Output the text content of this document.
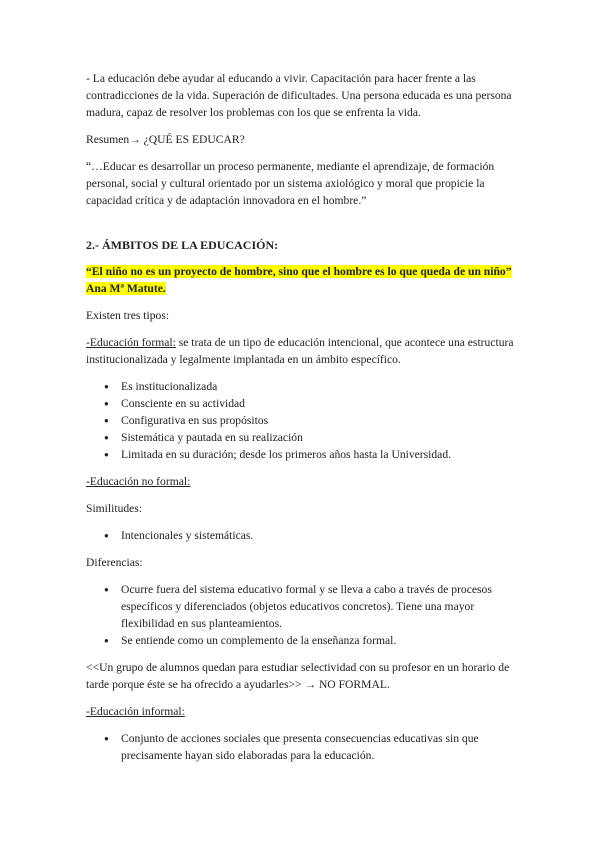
- La educación debe ayudar al educando a vivir. Capacitación para hacer frente a las contradicciones de la vida. Superación de dificultades. Una persona educada es una persona madura, capaz de resolver los problemas con los que se enfrenta la vida.

Resumen→ ¿QUÉ ES EDUCAR?

“…Educar es desarrollar un proceso permanente, mediante el aprendizaje, de formación personal, social y cultural orientado por un sistema axiológico y moral que propicie la capacidad crítica y de adaptación innovadora en el hombre.”

2.- ÁMBITOS DE LA EDUCACIÓN:

“El niño no es un proyecto de hombre, sino que el hombre es lo que queda de un niño” Ana Mª Matute.

Existen tres tipos:

-Educación formal: se trata de un tipo de educación intencional, que acontece una estructura institucionalizada y legalmente implantada en un ámbito específico.

● Es institucionalizada
● Consciente en su actividad
● Configurativa en sus propósitos
● Sistemática y pautada en su realización
● Limitada en su duración; desde los primeros años hasta la Universidad.

-Educación no formal:

Similitudes:

● Intencionales y sistemáticas.

Diferencias:

● Ocurre fuera del sistema educativo formal y se lleva a cabo a través de procesos específicos y diferenciados (objetos educativos concretos). Tiene una mayor flexibilidad en sus planteamientos.
● Se entiende como un complemento de la enseñanza formal.

<<Un grupo de alumnos quedan para estudiar selectividad con su profesor en un horario de tarde porque éste se ha ofrecido a ayudarles>> → NO FORMAL.

-Educación informal:

● Conjunto de acciones sociales que presenta consecuencias educativas sin que precisamente hayan sido elaboradas para la educación.
